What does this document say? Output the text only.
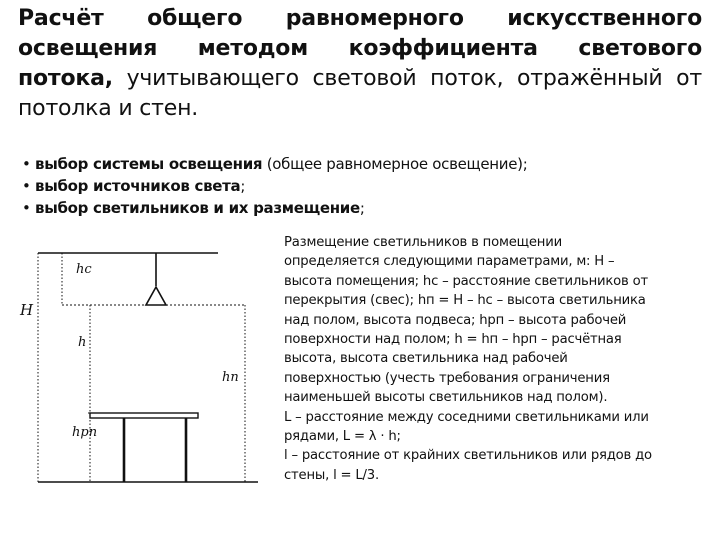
Расчёт общего равномерного искусственного освещения методом коэффициента светового потока, учитывающего световой поток, отражённый от потолка и стен.
• выбор системы освещения (общее равномерное освещение);
• выбор источников света;
• выбор светильников и их размещение;
hc
H
h
hп
hрп
Размещение светильников в помещении
определяется следующими параметрами, м: H –
высота помещения; hc – расстояние светильников от
перекрытия (свес); hп = H – hc – высота светильника
над полом, высота подвеса; hрп – высота рабочей
поверхности над полом; h = hп – hрп – расчётная
высота, высота светильника над рабочей
поверхностью (учесть требования ограничения
наименьшей высоты светильников над полом).
L – расстояние между соседними светильниками или
рядами, L = λ · h;
l – расстояние от крайних светильников или рядов до
стены, l = L/3.
